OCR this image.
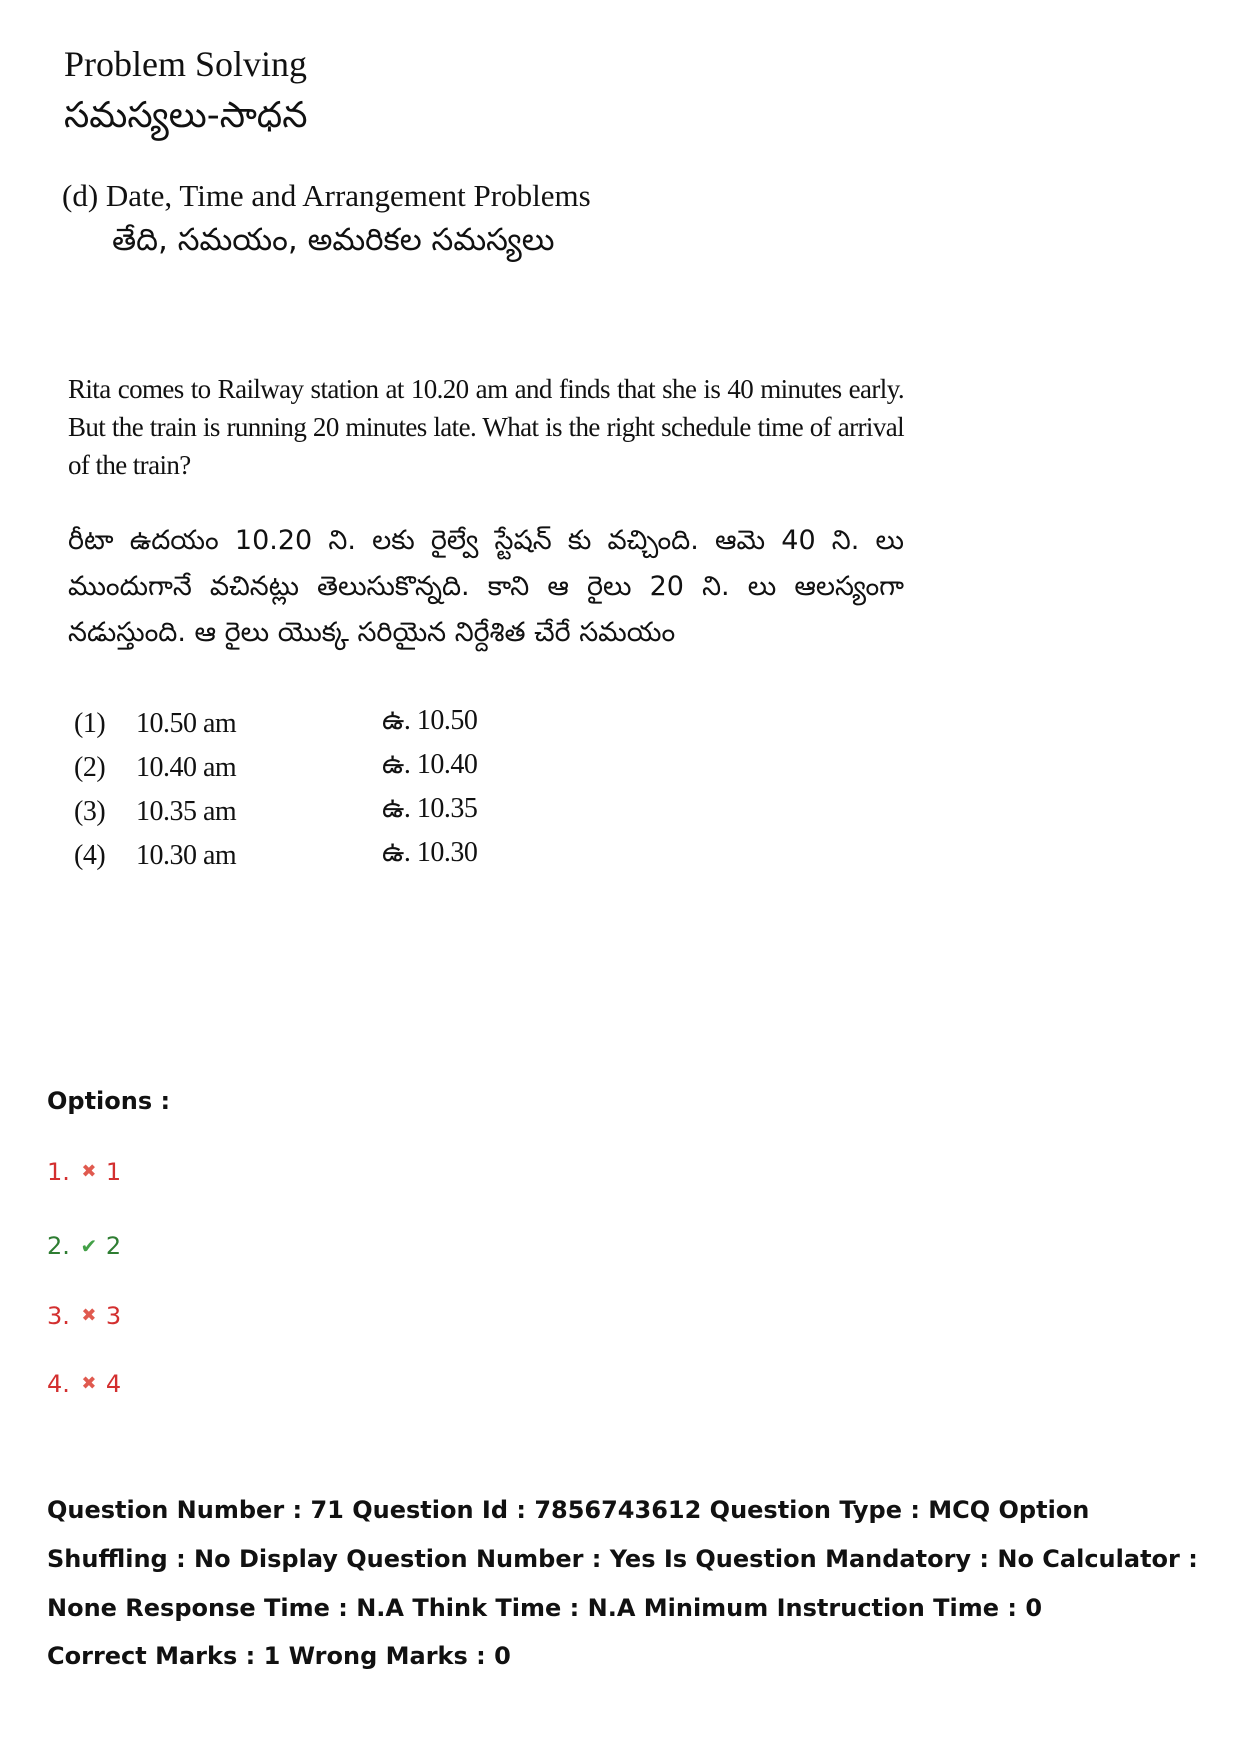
Problem Solving
సమస్యలు-సాధన
(d) Date, Time and Arrangement Problems
తేది, సమయం, అమరికల సమస్యలు

Rita comes to Railway station at 10.20 am and finds that she is 40 minutes early. But the train is running 20 minutes late. What is the right schedule time of arrival of the train?

రీటా ఉదయం 10.20 ని. లకు రైల్వే స్టేషన్ కు వచ్చింది. ఆమె 40 ని. లు ముందుగానే వచినట్లు తెలుసుకొన్నది. కాని ఆ రైలు 20 ని. లు ఆలస్యంగా నడుస్తుంది. ఆ రైలు యొక్క సరియైన నిర్దేశిత చేరే సమయం

(1)	10.50 am	ఉ. 10.50
(2)	10.40 am	ఉ. 10.40
(3)	10.35 am	ఉ. 10.35
(4)	10.30 am	ఉ. 10.30
Options :
1. ✖ 1
2. ✔ 2
3. ✖ 3
4. ✖ 4

Question Number : 71 Question Id : 7856743612 Question Type : MCQ Option Shuffling : No Display Question Number : Yes Is Question Mandatory : No Calculator : None Response Time : N.A Think Time : N.A Minimum Instruction Time : 0

Correct Marks : 1 Wrong Marks : 0
